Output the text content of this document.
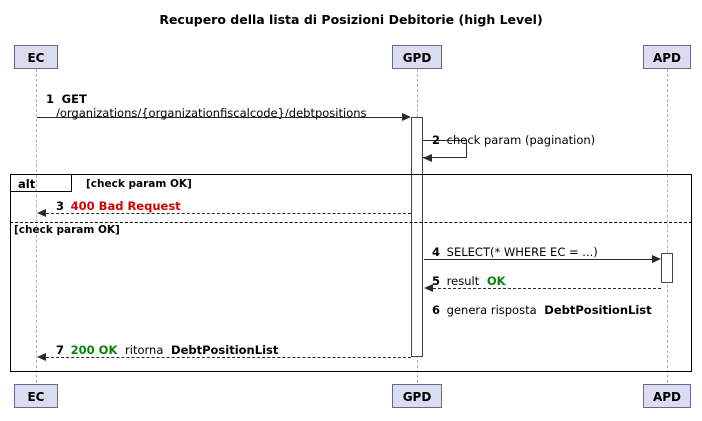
Recupero della lista di Posizioni Debitorie (high Level)
EC	GPD	APD
EC	GPD	APD
1 GET
/organizations/{organizationfiscalcode}/debtpositions
2 check param (pagination)
alt	[check param OK]
3 400 Bad Request
[check param OK]
4 SELECT(* WHERE EC = ...)
5 result OK
6 genera risposta DebtPositionList
7 200 OK ritorna DebtPositionList
